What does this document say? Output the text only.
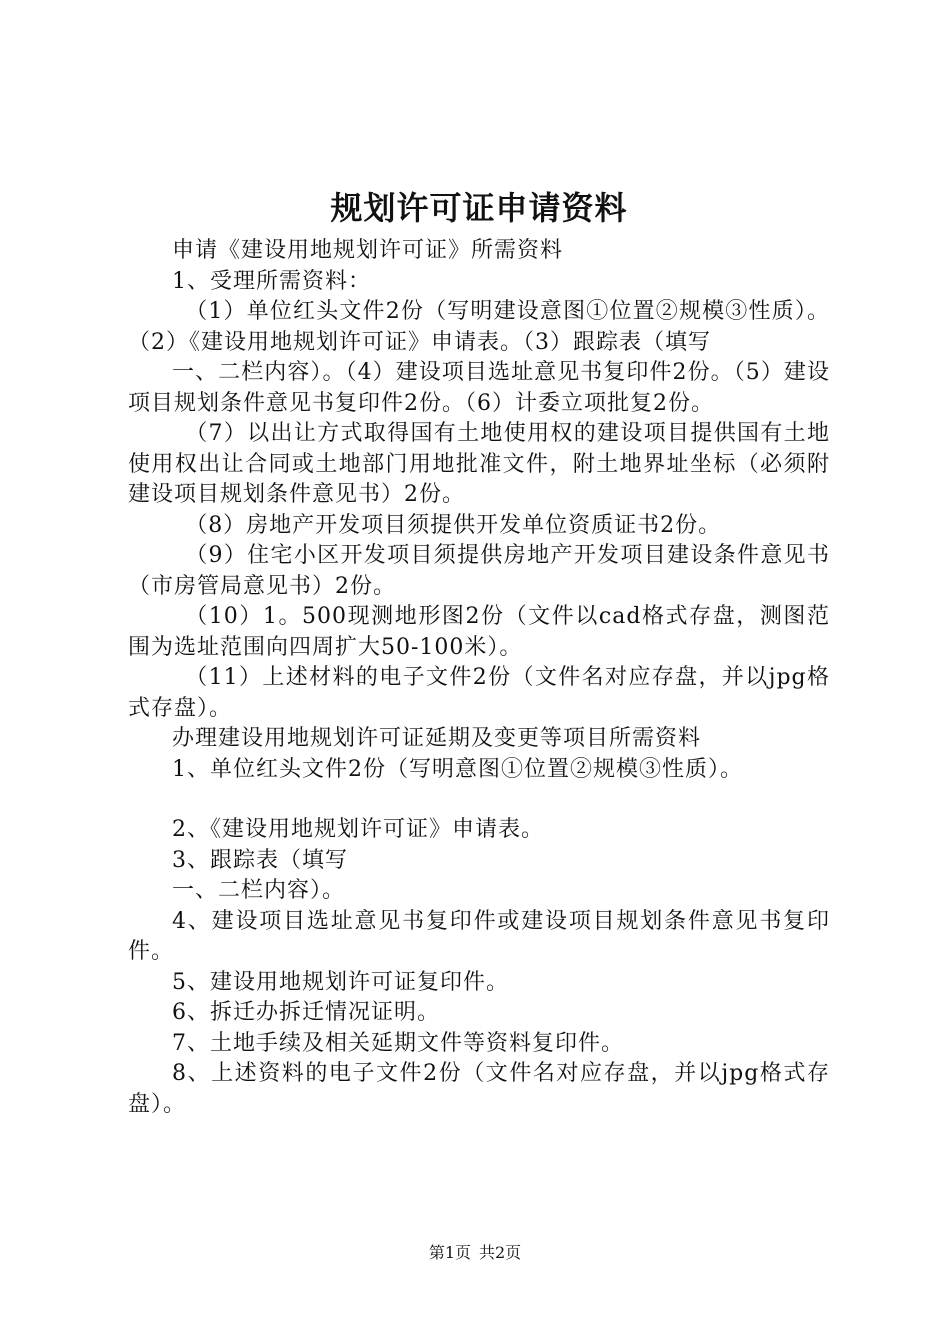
规划许可证申请资料

申请《建设用地规划许可证》所需资料

1、受理所需资料：

（1）单位红头文件2份（写明建设意图①位置②规模③性质）。（2）《建设用地规划许可证》申请表。（3）跟踪表（填写

一、二栏内容）。（4）建设项目选址意见书复印件2份。（5）建设项目规划条件意见书复印件2份。（6）计委立项批复2份。

（7）以出让方式取得国有土地使用权的建设项目提供国有土地使用权出让合同或土地部门用地批准文件，附土地界址坐标（必须附建设项目规划条件意见书）2份。

（8）房地产开发项目须提供开发单位资质证书2份。

（9）住宅小区开发项目须提供房地产开发项目建设条件意见书（市房管局意见书）2份。

（10）1。500现测地形图2份（文件以cad格式存盘，测图范围为选址范围向四周扩大50-100米）。

（11）上述材料的电子文件2份（文件名对应存盘，并以jpg格式存盘）。

办理建设用地规划许可证延期及变更等项目所需资料

1、单位红头文件2份（写明意图①位置②规模③性质）。

2、《建设用地规划许可证》申请表。

3、跟踪表（填写

一、二栏内容）。

4、建设项目选址意见书复印件或建设项目规划条件意见书复印件。

5、建设用地规划许可证复印件。

6、拆迁办拆迁情况证明。

7、土地手续及相关延期文件等资料复印件。

8、上述资料的电子文件2份（文件名对应存盘，并以jpg格式存盘）。

第1页 共2页
